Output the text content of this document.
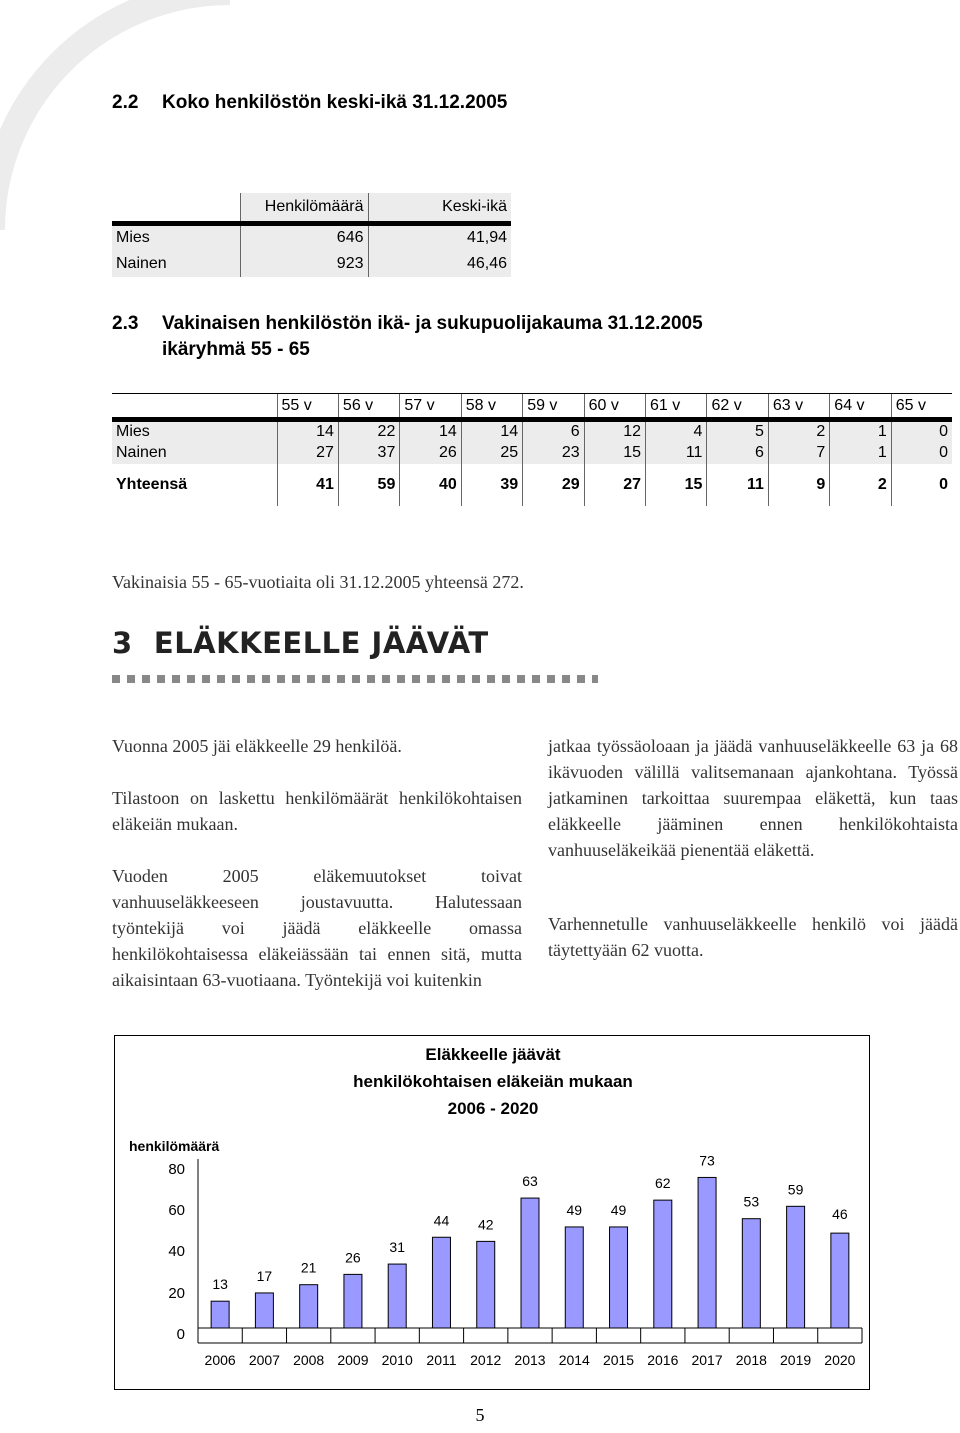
2.2 Koko henkilöstön keski-ikä 31.12.2005
	Henkilömäärä	Keski-ikä
Mies	646	41,94
Nainen	923	46,46
2.3 Vakinaisen henkilöstön ikä- ja sukupuolijakauma 31.12.2005
ikäryhmä 55 - 65
	55 v	56 v	57 v	58 v	59 v	60 v	61 v	62 v	63 v	64 v	65 v
Mies	14	22	14	14	6	12	4	5	2	1	0
Nainen	27	37	26	25	23	15	11	6	7	1	0
Yhteensä	41	59	40	39	29	27	15	11	9	2	0
Vakinaisia 55 - 65-vuotiaita oli 31.12.2005 yhteensä 272.
3 ELÄKKEELLE JÄÄVÄT
Vuonna 2005 jäi eläkkeelle 29 henkilöä.
Tilastoon on laskettu henkilömäärät henkilökohtaisen eläkeiän mukaan.
Vuoden 2005 eläkemuutokset toivat vanhuuseläkkeeseen joustavuutta. Halutessaan työntekijä voi jäädä eläkkeelle omassa henkilökohtaisessa eläkeiässään tai ennen sitä, mutta aikaisintaan 63-vuotiaana. Työntekijä voi kuitenkin
jatkaa työssäoloaan ja jäädä vanhuuseläkkeelle 63 ja 68 ikävuoden välillä valitsemanaan ajankohtana. Työssä jatkaminen tarkoittaa suurempaa eläkettä, kun taas eläkkeelle jääminen ennen henkilökohtaista vanhuuseläkeikää pienentää eläkettä.
Varhennetulle vanhuuseläkkeelle henkilö voi jäädä täytettyään 62 vuotta.
Eläkkeelle jäävät
henkilökohtaisen eläkeiän mukaan
2006 - 2020
henkilömäärä
0
20
40
60
80
13
2006
17
2007
21
2008
26
2009
31
2010
44
2011
42
2012
63
2013
49
2014
49
2015
62
2016
73
2017
53
2018
59
2019
46
2020
5
